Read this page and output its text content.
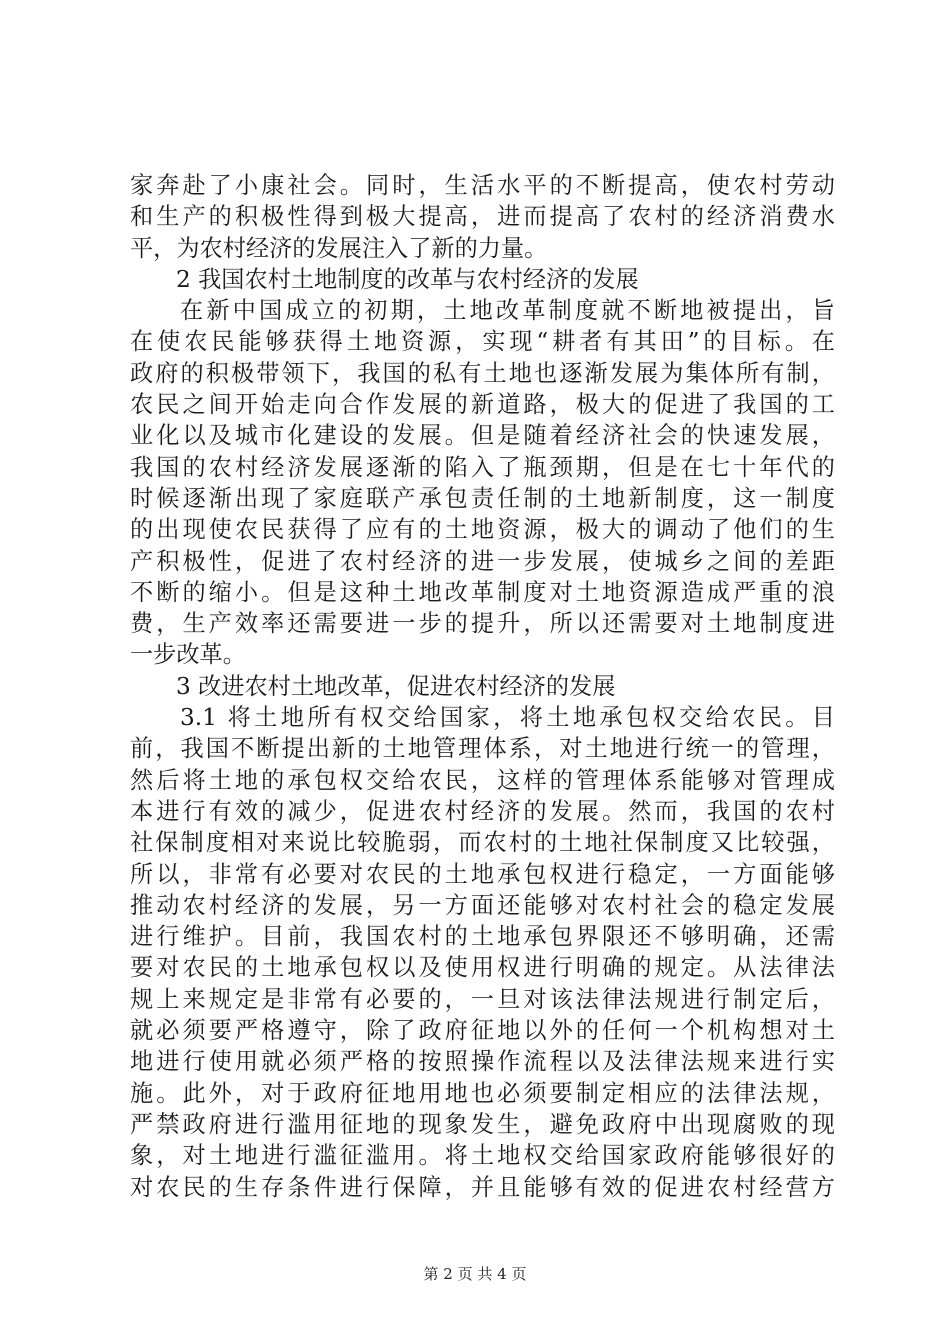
家奔赴了小康社会。同时，生活水平的不断提高，使农村劳动
和生产的积极性得到极大提高，进而提高了农村的经济消费水
平，为农村经济的发展注入了新的力量。
2 我国农村土地制度的改革与农村经济的发展
在新中国成立的初期，土地改革制度就不断地被提出，旨
在使农民能够获得土地资源，实现“耕者有其田”的目标。在
政府的积极带领下，我国的私有土地也逐渐发展为集体所有制，
农民之间开始走向合作发展的新道路，极大的促进了我国的工
业化以及城市化建设的发展。但是随着经济社会的快速发展，
我国的农村经济发展逐渐的陷入了瓶颈期，但是在七十年代的
时候逐渐出现了家庭联产承包责任制的土地新制度，这一制度
的出现使农民获得了应有的土地资源，极大的调动了他们的生
产积极性，促进了农村经济的进一步发展，使城乡之间的差距
不断的缩小。但是这种土地改革制度对土地资源造成严重的浪
费，生产效率还需要进一步的提升，所以还需要对土地制度进
一步改革。
3 改进农村土地改革，促进农村经济的发展
3.1 将土地所有权交给国家，将土地承包权交给农民。目
前，我国不断提出新的土地管理体系，对土地进行统一的管理，
然后将土地的承包权交给农民，这样的管理体系能够对管理成
本进行有效的减少，促进农村经济的发展。然而，我国的农村
社保制度相对来说比较脆弱，而农村的土地社保制度又比较强，
所以，非常有必要对农民的土地承包权进行稳定，一方面能够
推动农村经济的发展，另一方面还能够对农村社会的稳定发展
进行维护。目前，我国农村的土地承包界限还不够明确，还需
要对农民的土地承包权以及使用权进行明确的规定。从法律法
规上来规定是非常有必要的，一旦对该法律法规进行制定后，
就必须要严格遵守，除了政府征地以外的任何一个机构想对土
地进行使用就必须严格的按照操作流程以及法律法规来进行实
施。此外，对于政府征地用地也必须要制定相应的法律法规，
严禁政府进行滥用征地的现象发生，避免政府中出现腐败的现
象，对土地进行滥征滥用。将土地权交给国家政府能够很好的
对农民的生存条件进行保障，并且能够有效的促进农村经营方
第 2 页 共 4 页
